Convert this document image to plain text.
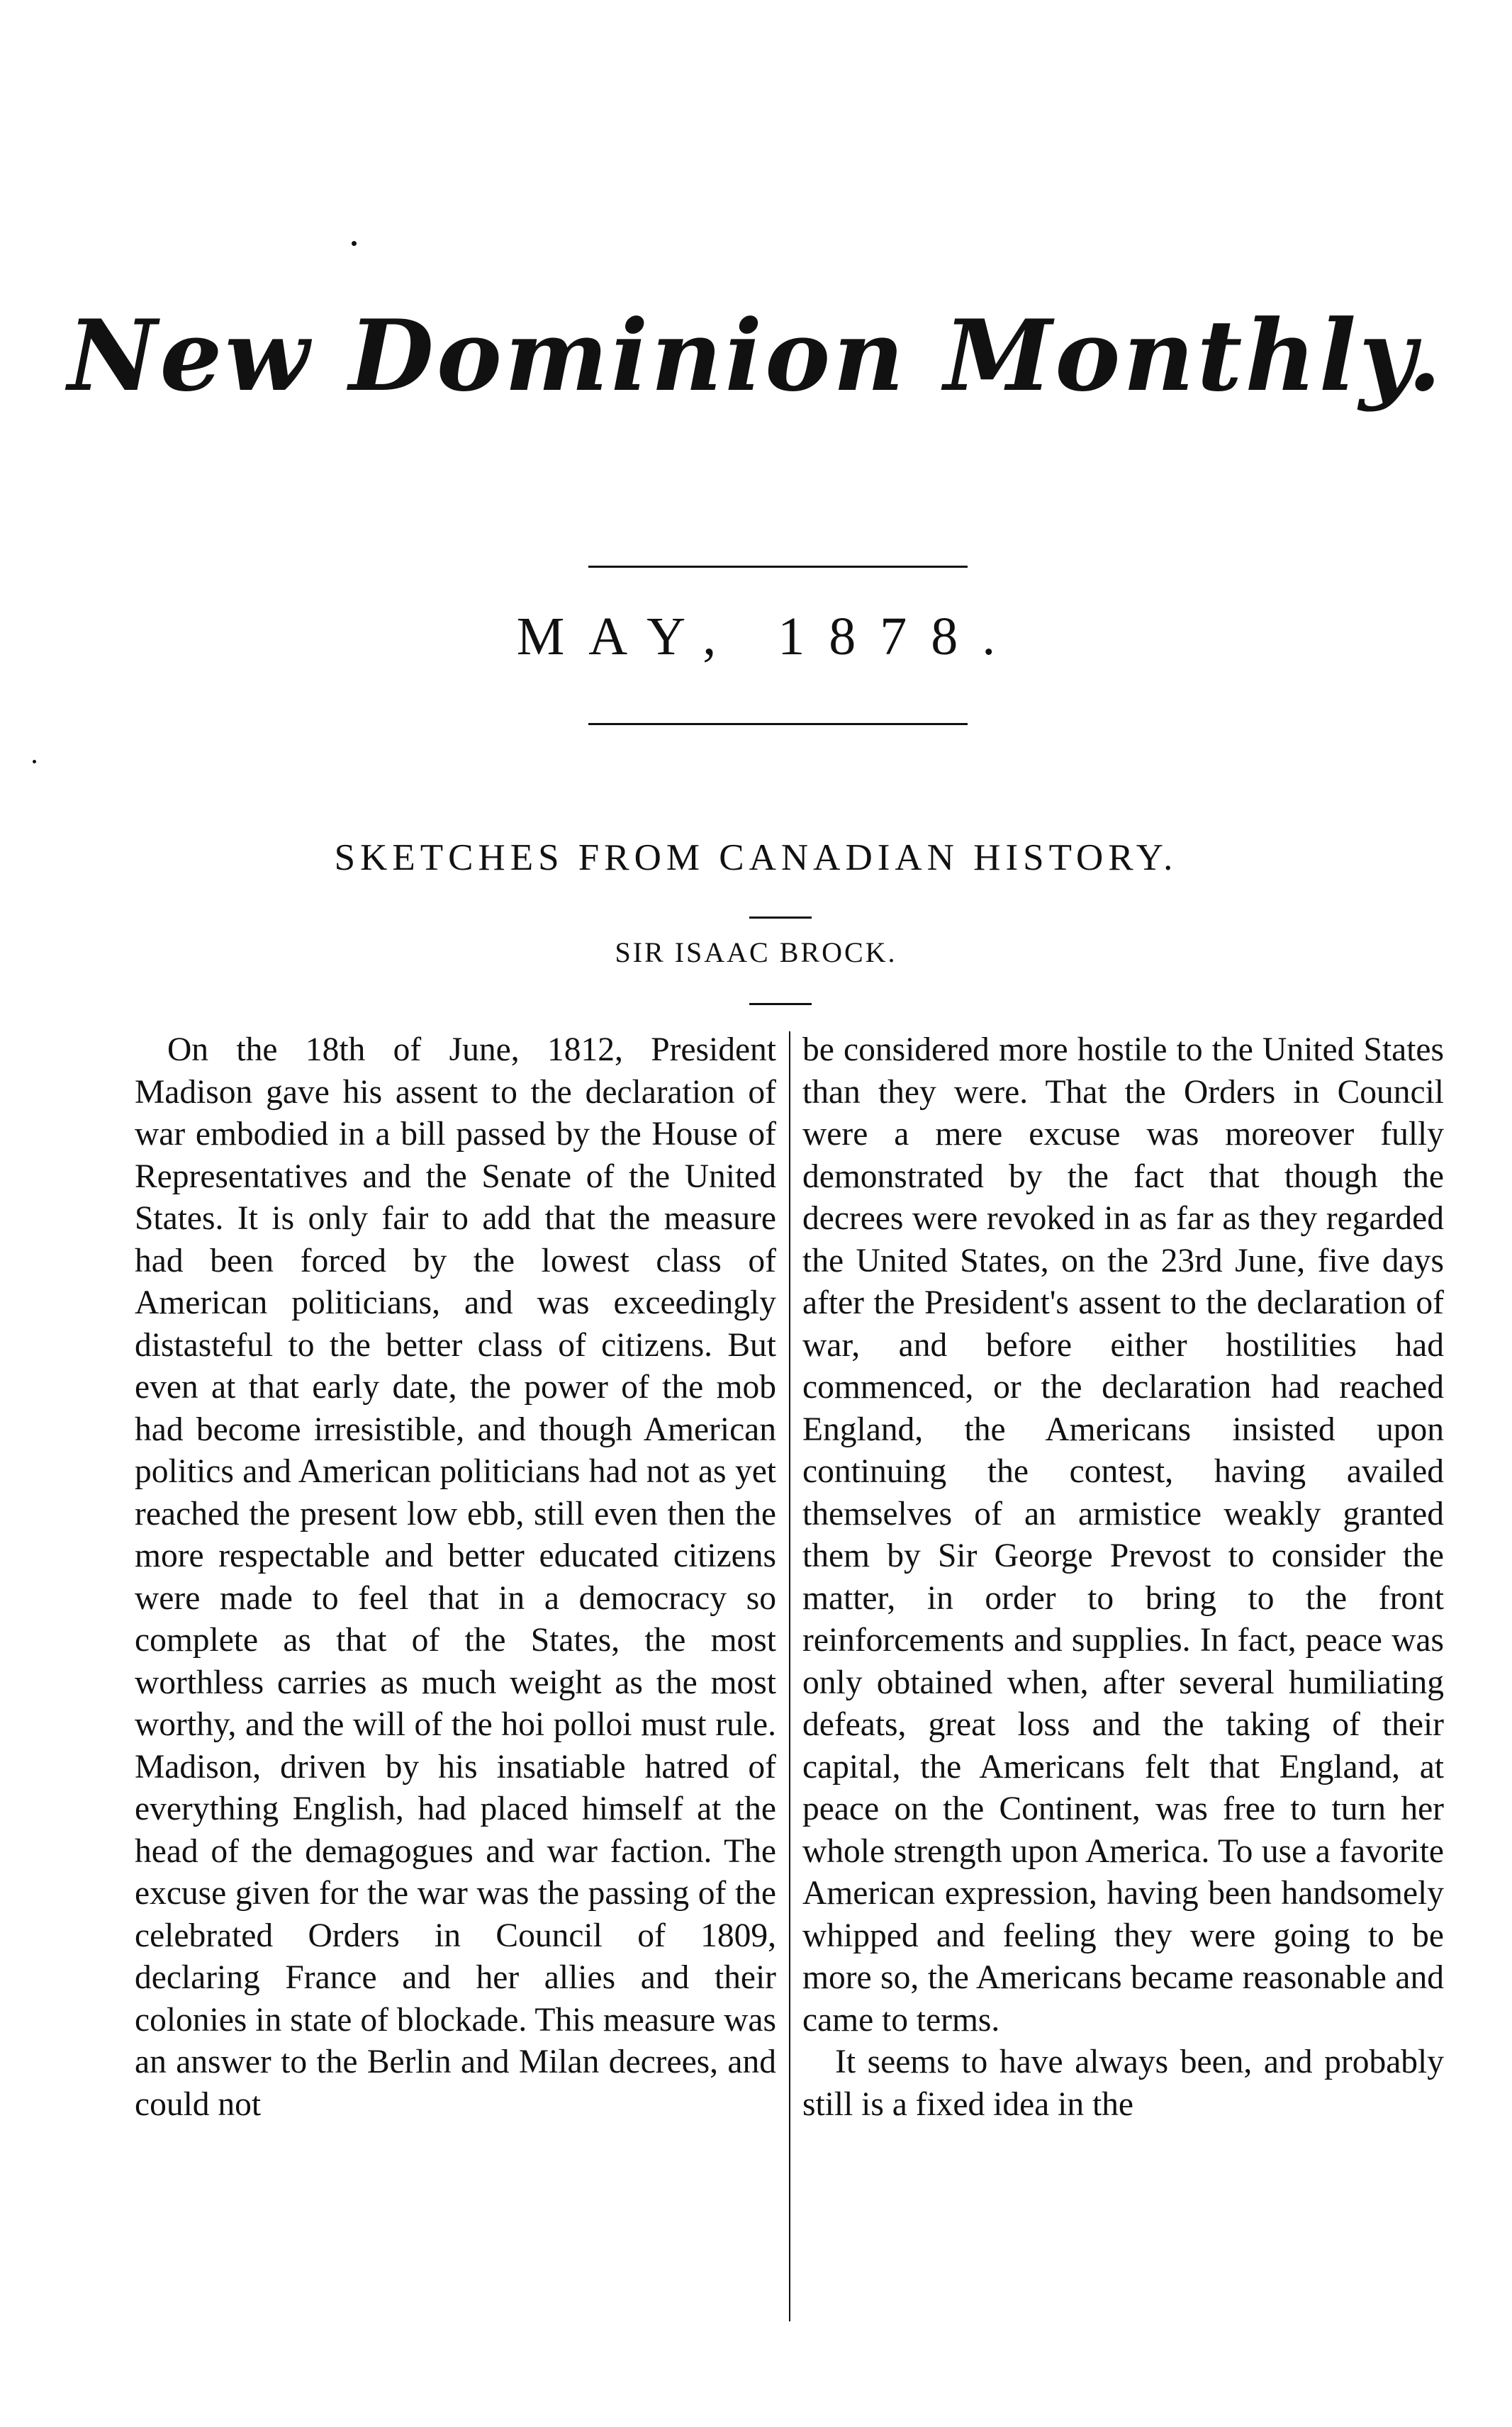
New Dominion Monthly.
MAY, 1878.
SKETCHES FROM CANADIAN HISTORY.
SIR ISAAC BROCK.

On the 18th of June, 1812, President Madison gave his assent to the declaration of war embodied in a bill passed by the House of Representatives and the Senate of the United States. It is only fair to add that the measure had been forced by the lowest class of American politicians, and was exceedingly distasteful to the better class of citizens. But even at that early date, the power of the mob had become irresistible, and though American politics and American politicians had not as yet reached the present low ebb, still even then the more respectable and better educated citizens were made to feel that in a democracy so complete as that of the States, the most worthless carries as much weight as the most worthy, and the will of the hoi polloi must rule. Madison, driven by his insatiable hatred of everything English, had placed himself at the head of the demagogues and war faction. The excuse given for the war was the passing of the celebrated Orders in Council of 1809, declaring France and her allies and their colonies in state of blockade. This measure was an answer to the Berlin and Milan decrees, and could not

be considered more hostile to the United States than they were. That the Orders in Council were a mere excuse was moreover fully demonstrated by the fact that though the decrees were revoked in as far as they regarded the United States, on the 23rd June, five days after the President's assent to the declaration of war, and before either hostilities had commenced, or the declaration had reached England, the Americans insisted upon continuing the contest, having availed themselves of an armistice weakly granted them by Sir George Prevost to consider the matter, in order to bring to the front reinforcements and supplies. In fact, peace was only obtained when, after several humiliating defeats, great loss and the taking of their capital, the Americans felt that England, at peace on the Continent, was free to turn her whole strength upon America. To use a favorite American expression, having been handsomely whipped and feeling they were going to be more so, the Americans became reasonable and came to terms.

It seems to have always been, and probably still is a fixed idea in the
